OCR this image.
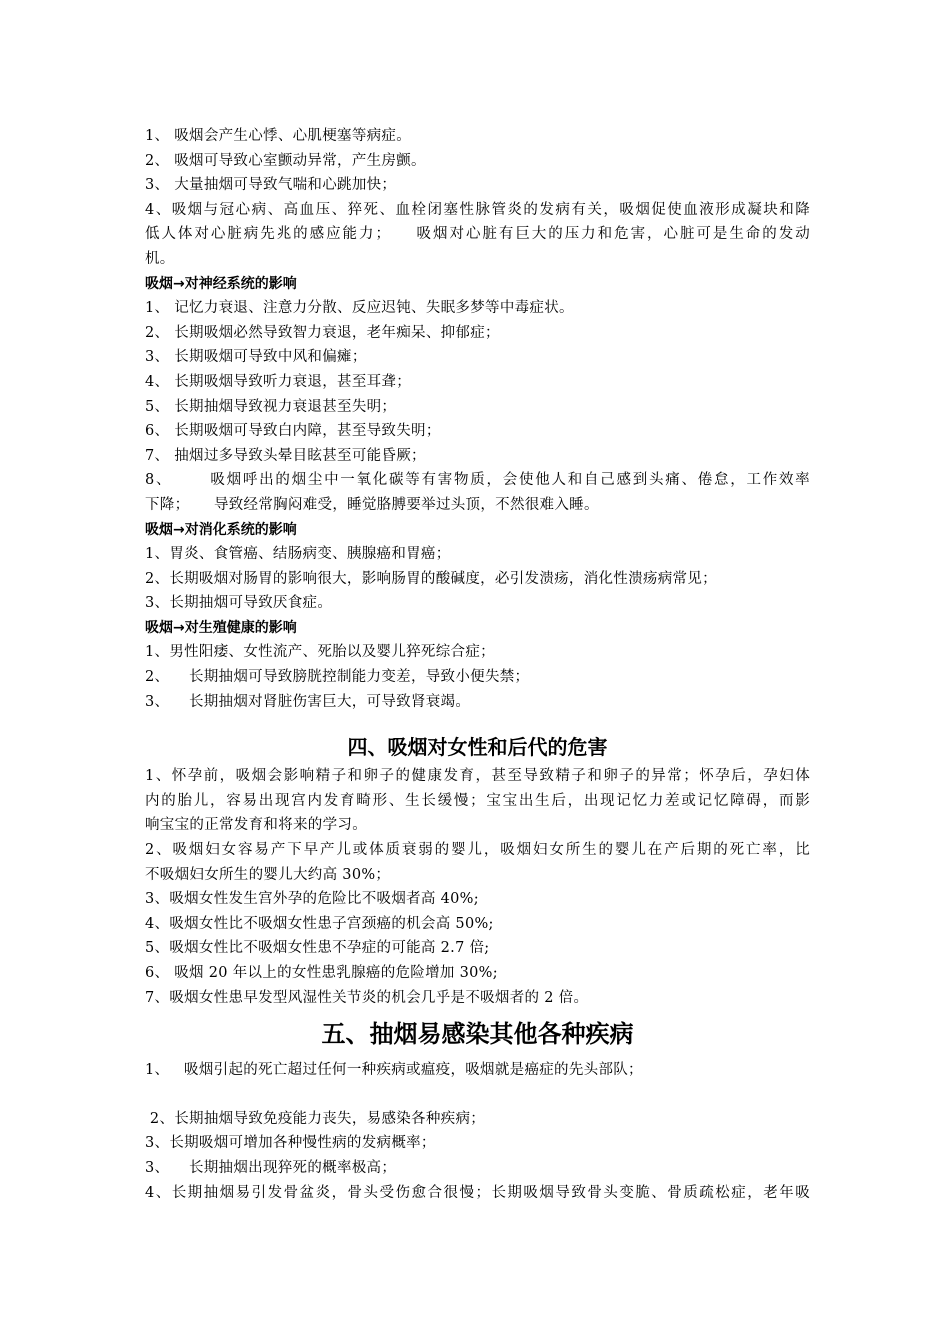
1、 吸烟会产生心悸、心肌梗塞等病症。
2、 吸烟可导致心室颤动异常，产生房颤。
3、 大量抽烟可导致气喘和心跳加快；
4、吸烟与冠心病、高血压、猝死、血栓闭塞性脉管炎的发病有关，吸烟促使血液形成凝块和降
低人体对心脏病先兆的感应能力；    吸烟对心脏有巨大的压力和危害，心脏可是生命的发动
机。
吸烟→对神经系统的影响
1、 记忆力衰退、注意力分散、反应迟钝、失眠多梦等中毒症状。
2、 长期吸烟必然导致智力衰退，老年痴呆、抑郁症；
3、 长期吸烟可导致中风和偏瘫；
4、 长期吸烟导致听力衰退，甚至耳聋；
5、 长期抽烟导致视力衰退甚至失明；
6、 长期吸烟可导致白内障，甚至导致失明；
7、 抽烟过多导致头晕目眩甚至可能昏厥；
8、      吸烟呼出的烟尘中一氧化碳等有害物质，会使他人和自己感到头痛、倦怠，工作效率
下降；     导致经常胸闷难受，睡觉胳膊要举过头顶，不然很难入睡。
吸烟→对消化系统的影响
1、胃炎、食管癌、结肠病变、胰腺癌和胃癌；
2、长期吸烟对肠胃的影响很大，影响肠胃的酸碱度，必引发溃疡，消化性溃疡病常见；
3、长期抽烟可导致厌食症。
吸烟→对生殖健康的影响
1、男性阳痿、女性流产、死胎以及婴儿猝死综合症；
2、    长期抽烟可导致膀胱控制能力变差，导致小便失禁；
3、    长期抽烟对肾脏伤害巨大，可导致肾衰竭。
四、吸烟对女性和后代的危害
1、怀孕前，吸烟会影响精子和卵子的健康发育，甚至导致精子和卵子的异常；怀孕后，孕妇体
内的胎儿，容易出现宫内发育畸形、生长缓慢；宝宝出生后，出现记忆力差或记忆障碍，而影
响宝宝的正常发育和将来的学习。
2、吸烟妇女容易产下早产儿或体质衰弱的婴儿，吸烟妇女所生的婴儿在产后期的死亡率，比
不吸烟妇女所生的婴儿大约高 30%；
3、吸烟女性发生宫外孕的危险比不吸烟者高 40%;
4、吸烟女性比不吸烟女性患子宫颈癌的机会高 50%;
5、吸烟女性比不吸烟女性患不孕症的可能高 2.7 倍;
6、 吸烟 20 年以上的女性患乳腺癌的危险增加 30%;
7、吸烟女性患早发型风湿性关节炎的机会几乎是不吸烟者的 2 倍。
五、抽烟易感染其他各种疾病
1、   吸烟引起的死亡超过任何一种疾病或瘟疫，吸烟就是癌症的先头部队；
2、长期抽烟导致免疫能力丧失，易感染各种疾病；
3、长期吸烟可增加各种慢性病的发病概率；
3、    长期抽烟出现猝死的概率极高；
4、长期抽烟易引发骨盆炎，骨头受伤愈合很慢；长期吸烟导致骨头变脆、骨质疏松症，老年吸
